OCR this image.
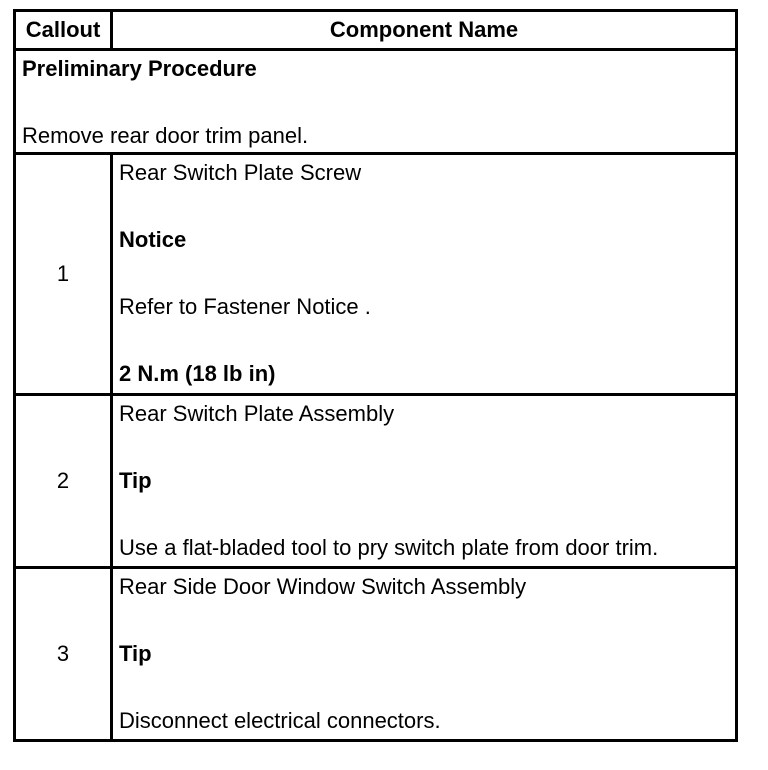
Callout	Component Name

Preliminary Procedure
Remove rear door trim panel.	

1	Rear Switch Plate Screw
Notice
Refer to Fastener Notice .
2 N.m (18 lb in)

2	Rear Switch Plate Assembly
Tip
Use a flat-bladed tool to pry switch plate from door trim.

3	Rear Side Door Window Switch Assembly
Tip
Disconnect electrical connectors.
